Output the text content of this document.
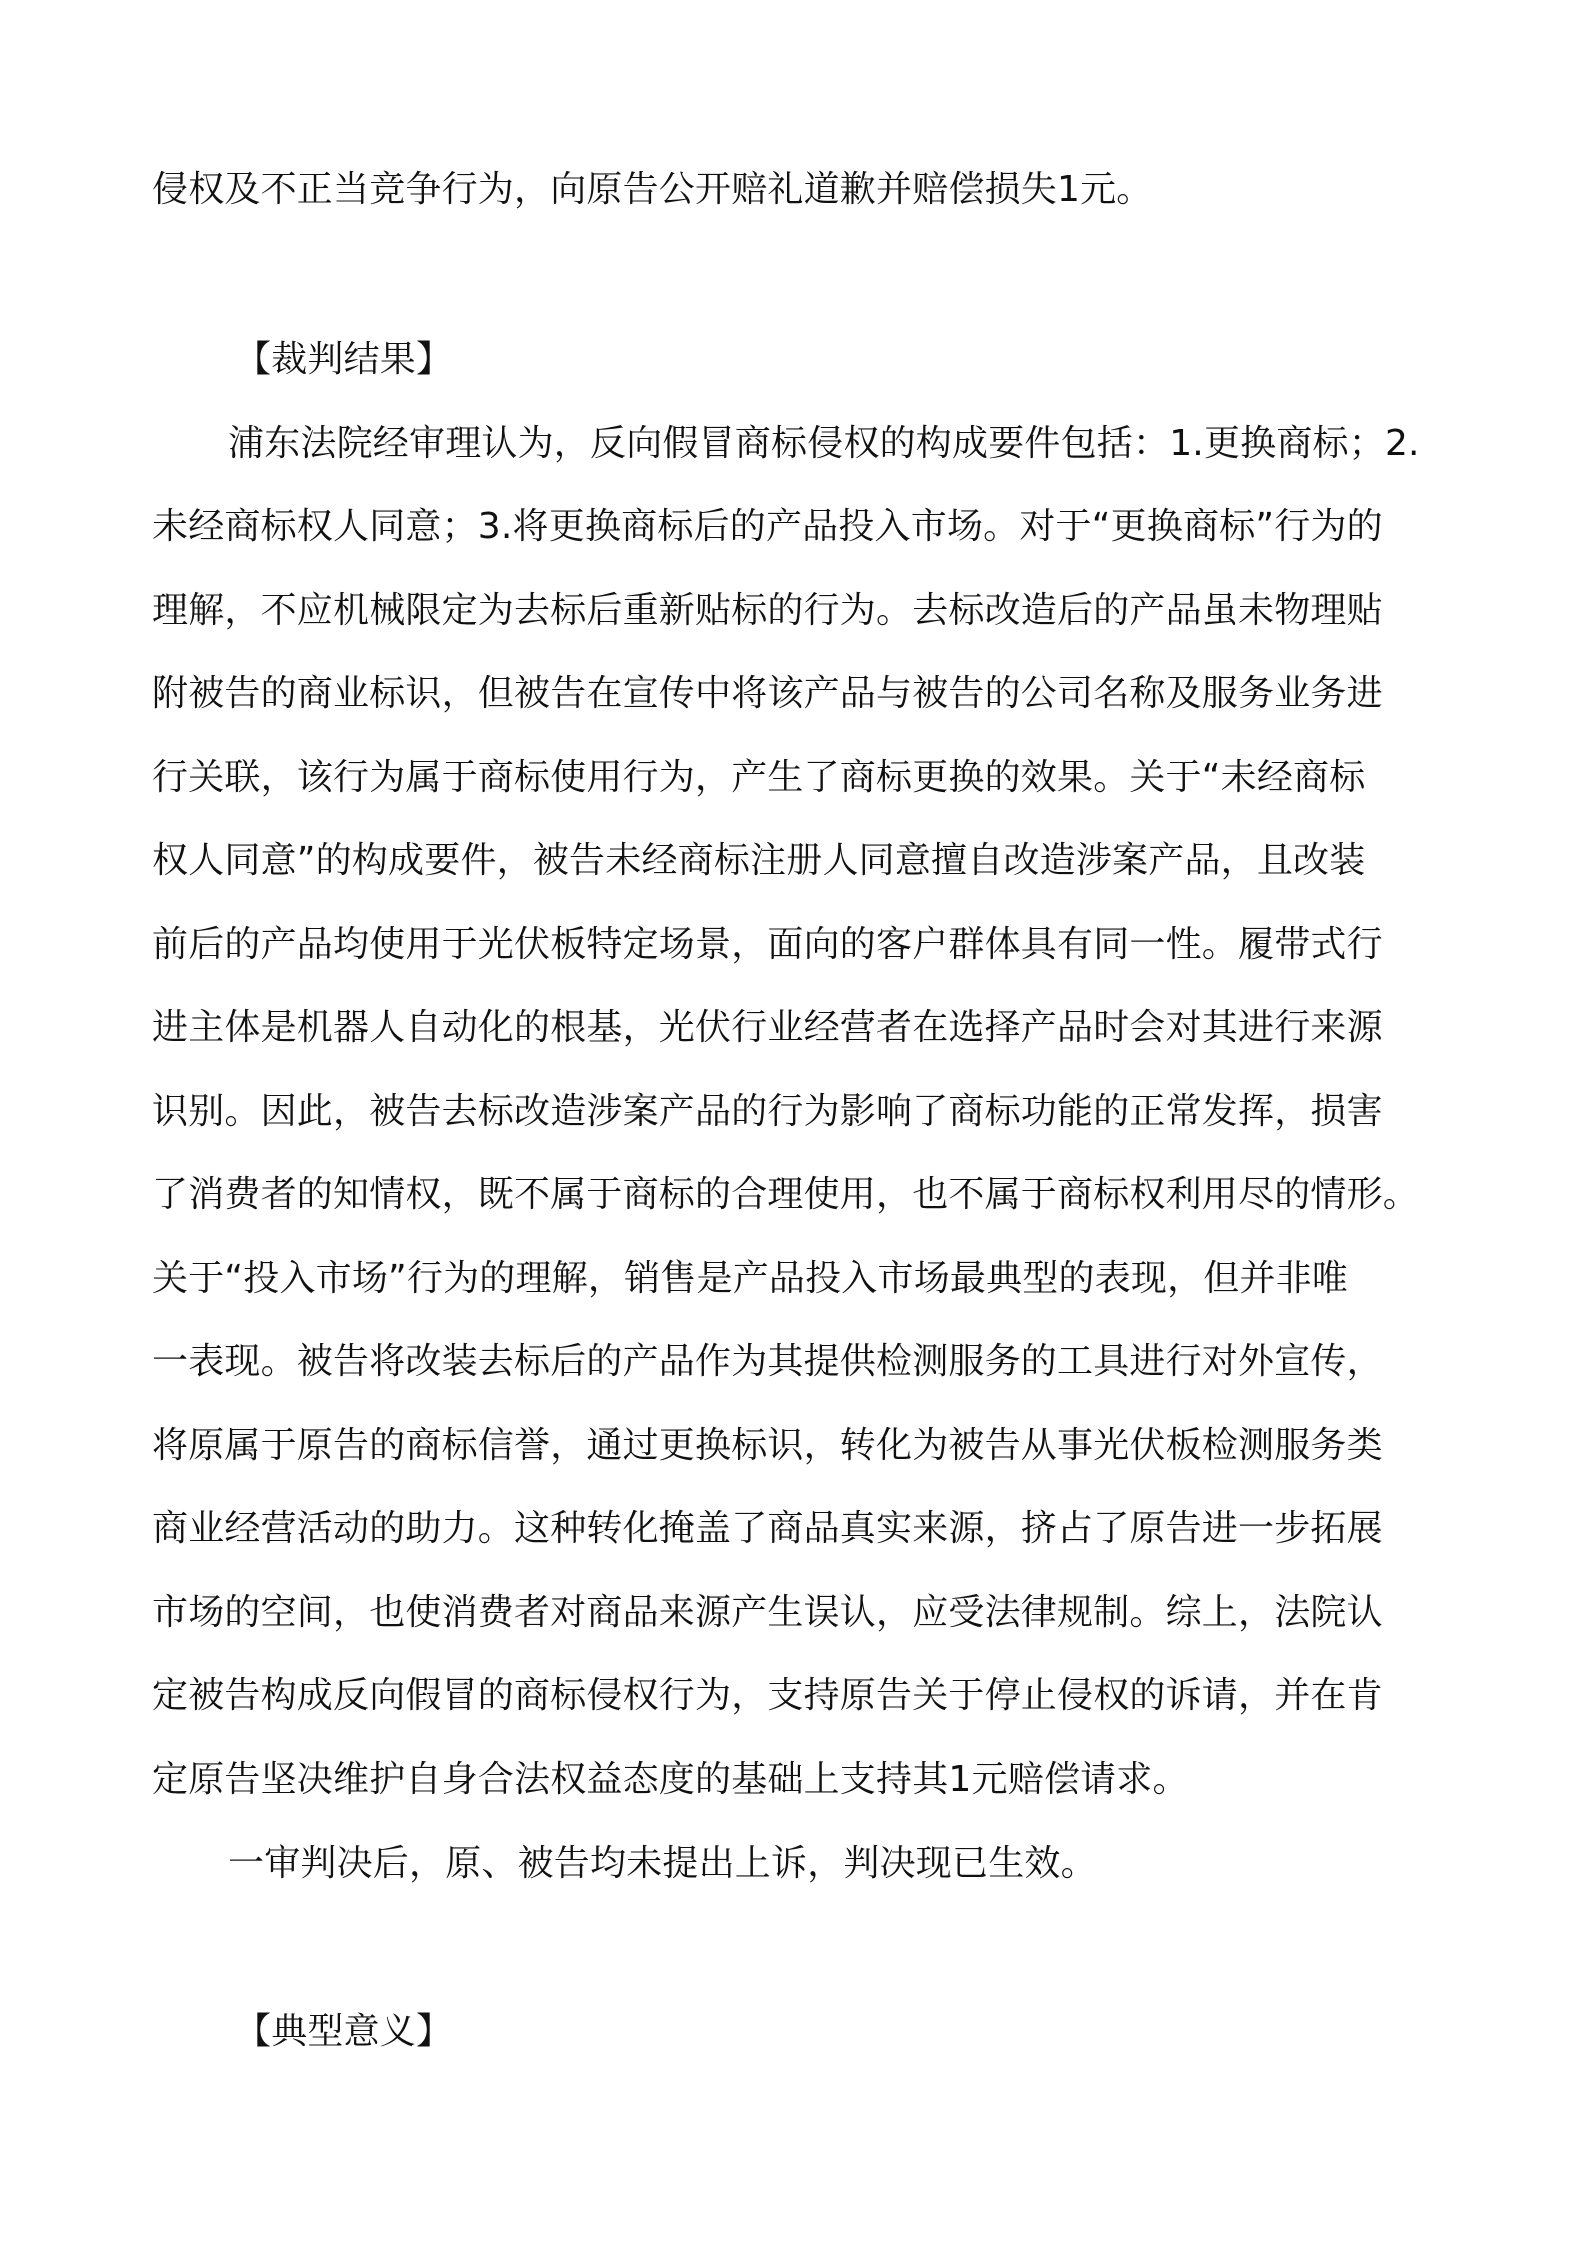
侵权及不正当竞争行为，向原告公开赔礼道歉并赔偿损失1元。
【裁判结果】
浦东法院经审理认为，反向假冒商标侵权的构成要件包括：1.更换商标；2.
未经商标权人同意；3.将更换商标后的产品投入市场。对于“更换商标”行为的
理解，不应机械限定为去标后重新贴标的行为。去标改造后的产品虽未物理贴
附被告的商业标识，但被告在宣传中将该产品与被告的公司名称及服务业务进
行关联，该行为属于商标使用行为，产生了商标更换的效果。关于“未经商标
权人同意”的构成要件，被告未经商标注册人同意擅自改造涉案产品，且改装
前后的产品均使用于光伏板特定场景，面向的客户群体具有同一性。履带式行
进主体是机器人自动化的根基，光伏行业经营者在选择产品时会对其进行来源
识别。因此，被告去标改造涉案产品的行为影响了商标功能的正常发挥，损害
了消费者的知情权，既不属于商标的合理使用，也不属于商标权利用尽的情形。
关于“投入市场”行为的理解，销售是产品投入市场最典型的表现，但并非唯
一表现。被告将改装去标后的产品作为其提供检测服务的工具进行对外宣传，
将原属于原告的商标信誉，通过更换标识，转化为被告从事光伏板检测服务类
商业经营活动的助力。这种转化掩盖了商品真实来源，挤占了原告进一步拓展
市场的空间，也使消费者对商品来源产生误认，应受法律规制。综上，法院认
定被告构成反向假冒的商标侵权行为，支持原告关于停止侵权的诉请，并在肯
定原告坚决维护自身合法权益态度的基础上支持其1元赔偿请求。
一审判决后，原、被告均未提出上诉，判决现已生效。
【典型意义】
